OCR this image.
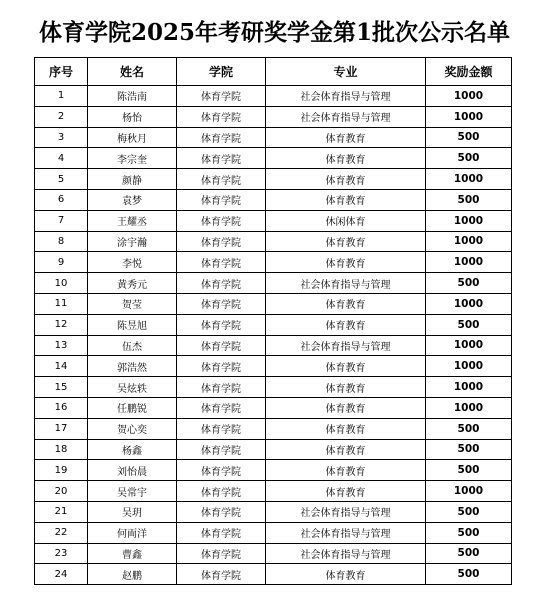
体育学院2025年考研奖学金第1批次公示名单
序号	姓名	学院	专业	奖励金额
1	陈浩南	体育学院	社会体育指导与管理	1000
2	杨怡	体育学院	社会体育指导与管理	1000
3	梅秋月	体育学院	体育教育	500
4	李宗奎	体育学院	体育教育	500
5	颜静	体育学院	体育教育	1000
6	袁梦	体育学院	体育教育	500
7	王耀丞	体育学院	休闲体育	1000
8	涂宇瀚	体育学院	体育教育	1000
9	李悦	体育学院	体育教育	1000
10	黄秀元	体育学院	社会体育指导与管理	500
11	贺莹	体育学院	体育教育	1000
12	陈昱旭	体育学院	体育教育	500
13	伍杰	体育学院	社会体育指导与管理	1000
14	郭浩然	体育学院	体育教育	1000
15	吴炫轶	体育学院	体育教育	1000
16	任鹏锐	体育学院	体育教育	1000
17	贺心奕	体育学院	体育教育	500
18	杨鑫	体育学院	体育教育	500
19	刘怡晨	体育学院	体育教育	500
20	吴常宇	体育学院	体育教育	1000
21	吴玥	体育学院	社会体育指导与管理	500
22	何両洋	体育学院	社会体育指导与管理	500
23	曹鑫	体育学院	社会体育指导与管理	500
24	赵鹏	体育学院	体育教育	500
